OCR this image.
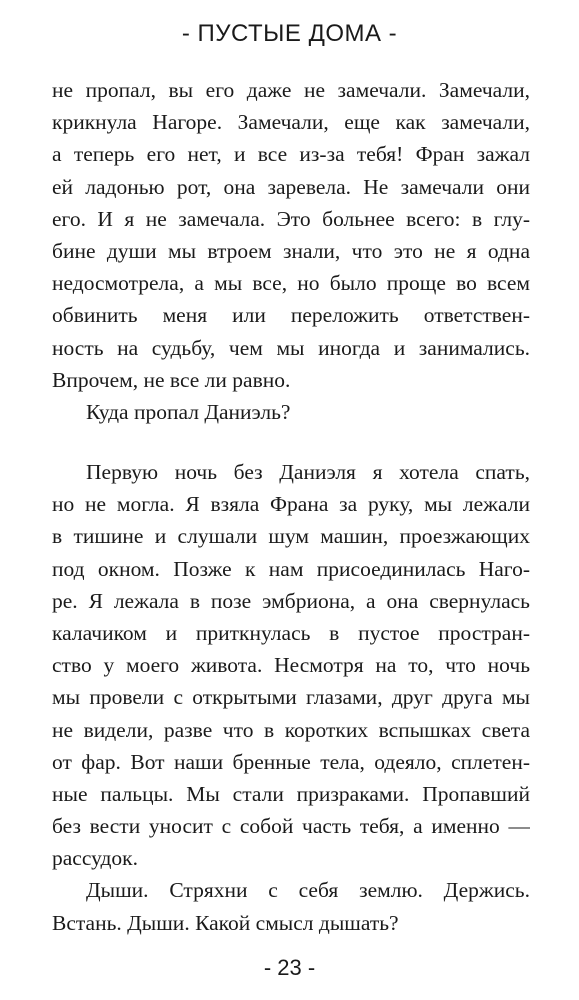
- ПУСТЫЕ ДОМА -
не пропал, вы его даже не замечали. Замечали,
крикнула Нагоре. Замечали, еще как замечали,
а теперь его нет, и все из-за тебя! Фран зажал
ей ладонью рот, она заревела. Не замечали они
его. И я не замечала. Это больнее всего: в глу-
бине души мы втроем знали, что это не я одна
недосмотрела, а мы все, но было проще во всем
обвинить меня или переложить ответствен-
ность на судьбу, чем мы иногда и занимались.
Впрочем, не все ли равно.
Куда пропал Даниэль?
Первую ночь без Даниэля я хотела спать,
но не могла. Я взяла Франа за руку, мы лежали
в тишине и слушали шум машин, проезжающих
под окном. Позже к нам присоединилась Наго-
ре. Я лежала в позе эмбриона, а она свернулась
калачиком и приткнулась в пустое простран-
ство у моего живота. Несмотря на то, что ночь
мы провели с открытыми глазами, друг друга мы
не видели, разве что в коротких вспышках света
от фар. Вот наши бренные тела, одеяло, сплетен-
ные пальцы. Мы стали призраками. Пропавший
без вести уносит с собой часть тебя, а именно —
рассудок.
Дыши. Стряхни с себя землю. Держись.
Встань. Дыши. Какой смысл дышать?
- 23 -
